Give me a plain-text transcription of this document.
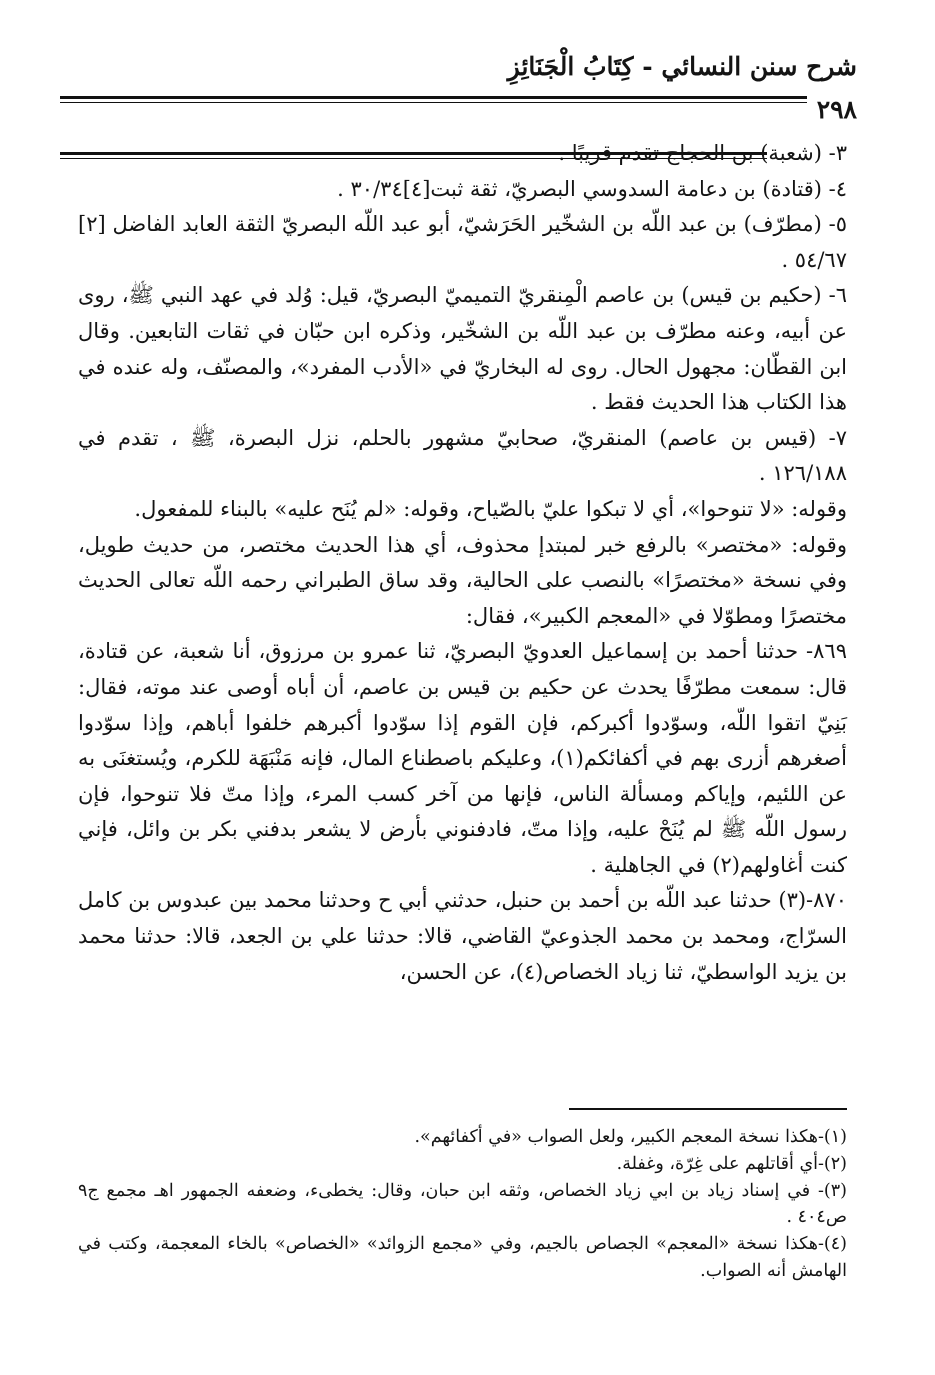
شرح سنن النسائي - كِتَابُ الْجَنَائِزِ
٢٩٨

٣- (شعبة) بن الحجاج تقدم قريبًا .

٤- (قتادة) بن دعامة السدوسي البصريّ، ثقة ثبت[٤]٣٠/٣٤ .

٥- (مطرّف) بن عبد اللّه بن الشخّير الحَرَشيّ، أبو عبد اللّه البصريّ الثقة العابد الفاضل [٢] ٥٤/٦٧ .

٦- (حكيم بن قيس) بن عاصم الْمِنقريّ التميميّ البصريّ، قيل: وُلد في عهد النبي ﷺ، روى عن أبيه، وعنه مطرّف بن عبد اللّه بن الشخّير، وذكره ابن حبّان في ثقات التابعين. وقال ابن القطّان: مجهول الحال. روى له البخاريّ في «الأدب المفرد»، والمصنّف، وله عنده في هذا الكتاب هذا الحديث فقط .

٧- (قيس بن عاصم) المنقريّ، صحابيّ مشهور بالحلم، نزل البصرة، ﷺ ، تقدم في ١٢٦/١٨٨ .

وقوله: «لا تنوحوا»، أي لا تبكوا عليّ بالصّياح، وقوله: «لم يُنَح عليه» بالبناء للمفعول.

وقوله: «مختصر» بالرفع خبر لمبتدإ محذوف، أي هذا الحديث مختصر، من حديث طويل، وفي نسخة «مختصرًا» بالنصب على الحالية، وقد ساق الطبراني رحمه اللّه تعالى الحديث مختصرًا ومطوّلا في «المعجم الكبير»، فقال:

٨٦٩- حدثنا أحمد بن إسماعيل العدويّ البصريّ، ثنا عمرو بن مرزوق، أنا شعبة، عن قتادة، قال: سمعت مطرّفًا يحدث عن حكيم بن قيس بن عاصم، أن أباه أوصى عند موته، فقال: بَنِيّ اتقوا اللّه، وسوّدوا أكبركم، فإن القوم إذا سوّدوا أكبرهم خلفوا أباهم، وإذا سوّدوا أصغرهم أزرى بهم في أكفائكم(١)، وعليكم باصطناع المال، فإنه مَنْبَهَة للكرم، ويُستغنَى به عن اللئيم، وإياكم ومسألة الناس، فإنها من آخر كسب المرء، وإذا متّ فلا تنوحوا، فإن رسول اللّه ﷺ لم يُنَحْ عليه، وإذا متّ، فادفنوني بأرض لا يشعر بدفني بكر بن وائل، فإني كنت أغاولهم(٢) في الجاهلية .

٨٧٠-(٣) حدثنا عبد اللّه بن أحمد بن حنبل، حدثني أبي ح وحدثنا محمد بين عبدوس بن كامل السرّاج، ومحمد بن محمد الجذوعيّ القاضي، قالا: حدثنا علي بن الجعد، قالا: حدثنا محمد بن يزيد الواسطيّ، ثنا زياد الخصاص(٤)، عن الحسن،

(١)-هكذا نسخة المعجم الكبير، ولعل الصواب «في أكفائهم».

(٢)-أي أقاتلهم على غِرّة، وغفلة.

(٣)- في إسناد زياد بن ابي زياد الخصاص، وثقه ابن حبان، وقال: يخطىء، وضعفه الجمهور اهـ مجمع ج٩ ص٤٠٤ .

(٤)-هكذا نسخة «المعجم» الجصاص بالجيم، وفي «مجمع الزوائد» «الخصاص» بالخاء المعجمة، وكتب في الهامش أنه الصواب.
